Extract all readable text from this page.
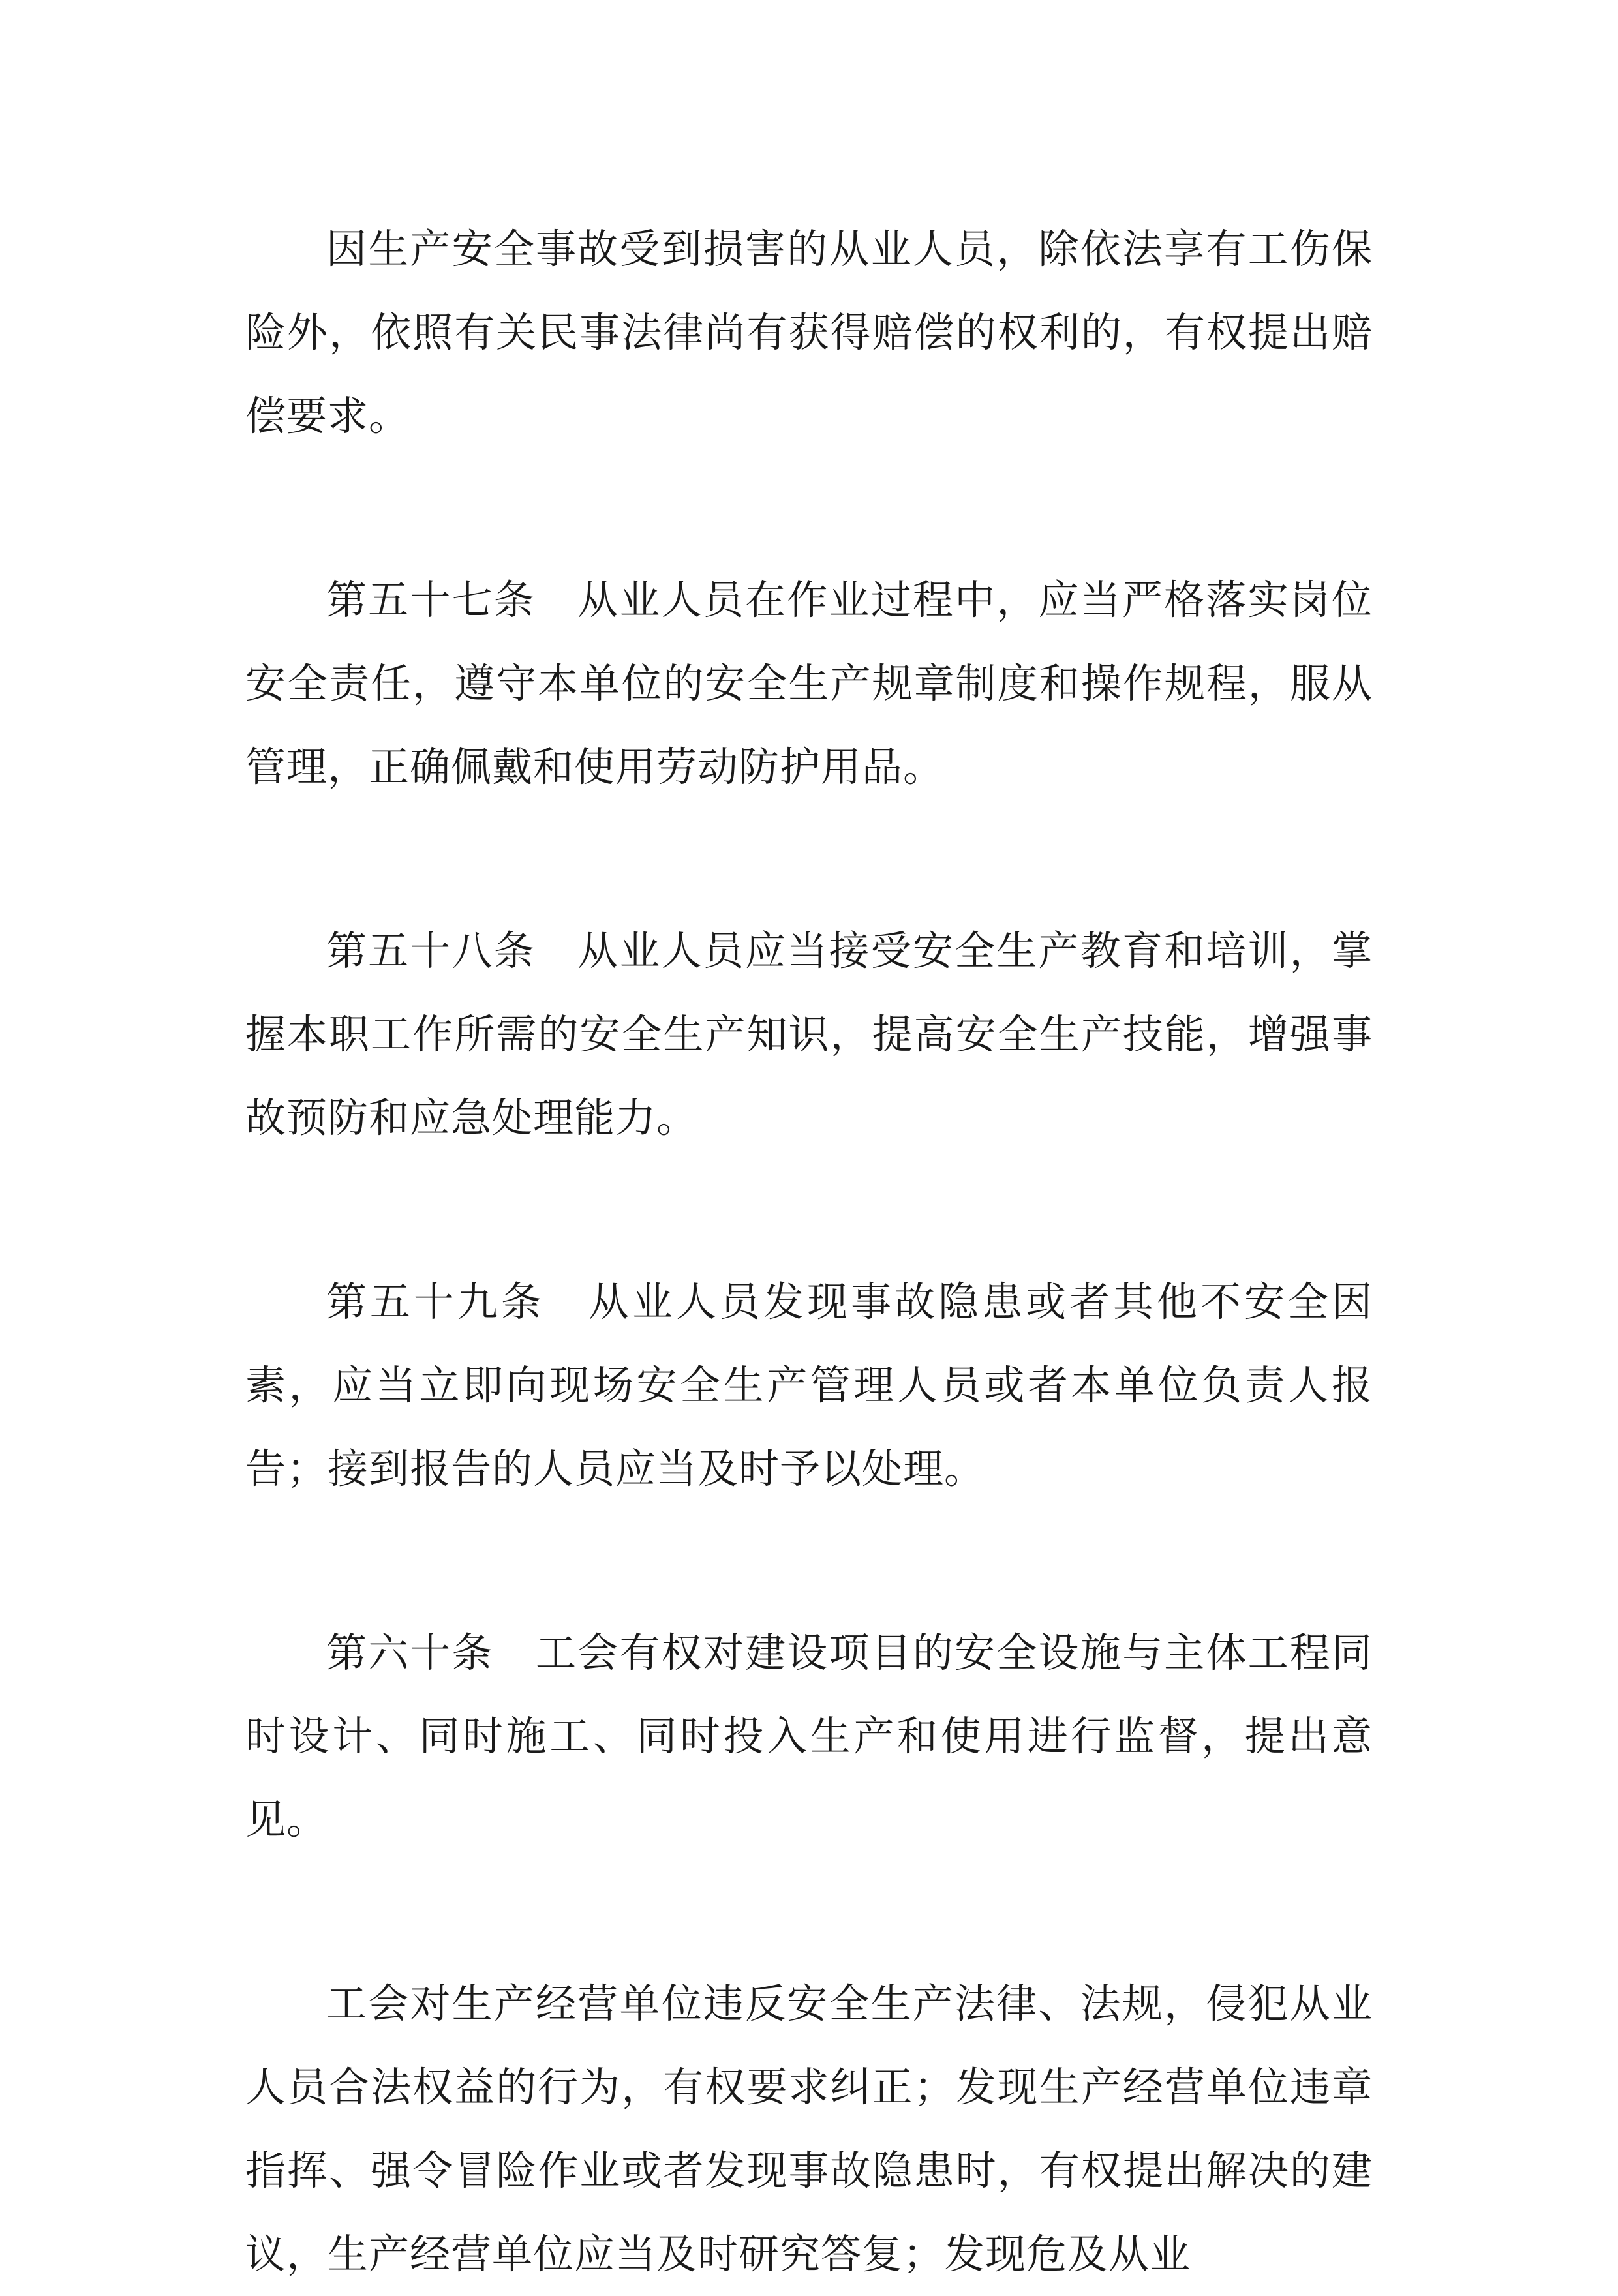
因生产安全事故受到损害的从业人员，除依法享有工伤保险外，依照有关民事法律尚有获得赔偿的权利的，有权提出赔偿要求。

第五十七条　从业人员在作业过程中，应当严格落实岗位安全责任，遵守本单位的安全生产规章制度和操作规程，服从管理，正确佩戴和使用劳动防护用品。

第五十八条　从业人员应当接受安全生产教育和培训，掌握本职工作所需的安全生产知识，提高安全生产技能，增强事故预防和应急处理能力。

第五十九条　从业人员发现事故隐患或者其他不安全因素，应当立即向现场安全生产管理人员或者本单位负责人报告；接到报告的人员应当及时予以处理。

第六十条　工会有权对建设项目的安全设施与主体工程同时设计、同时施工、同时投入生产和使用进行监督，提出意见。

工会对生产经营单位违反安全生产法律、法规，侵犯从业人员合法权益的行为，有权要求纠正；发现生产经营单位违章指挥、强令冒险作业或者发现事故隐患时，有权提出解决的建议，生产经营单位应当及时研究答复；发现危及从业
